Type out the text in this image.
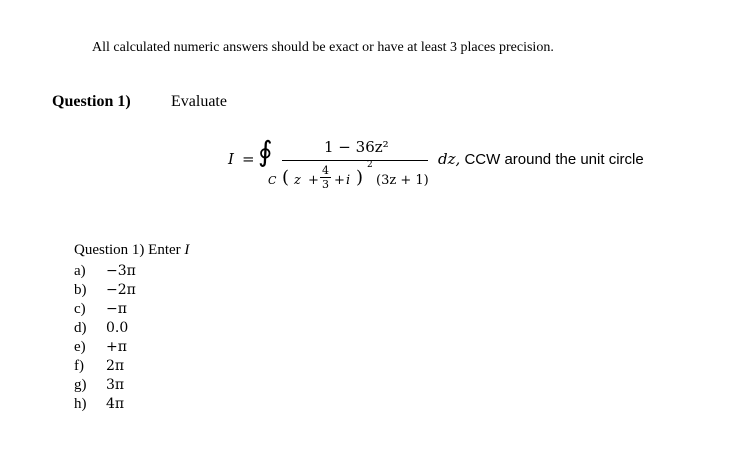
All calculated numeric answers should be exact or have at least 3 places precision.
Question 1)	Evaluate
I = ∮
C
1 − 36z²
( z +
4
3 + i )
2
(3z + 1)
dz, CCW around the unit circle
Question 1) Enter I
a) −3π
b) −2π
c) −π
d) 0.0
e) +π
f) 2π
g) 3π
h) 4π
